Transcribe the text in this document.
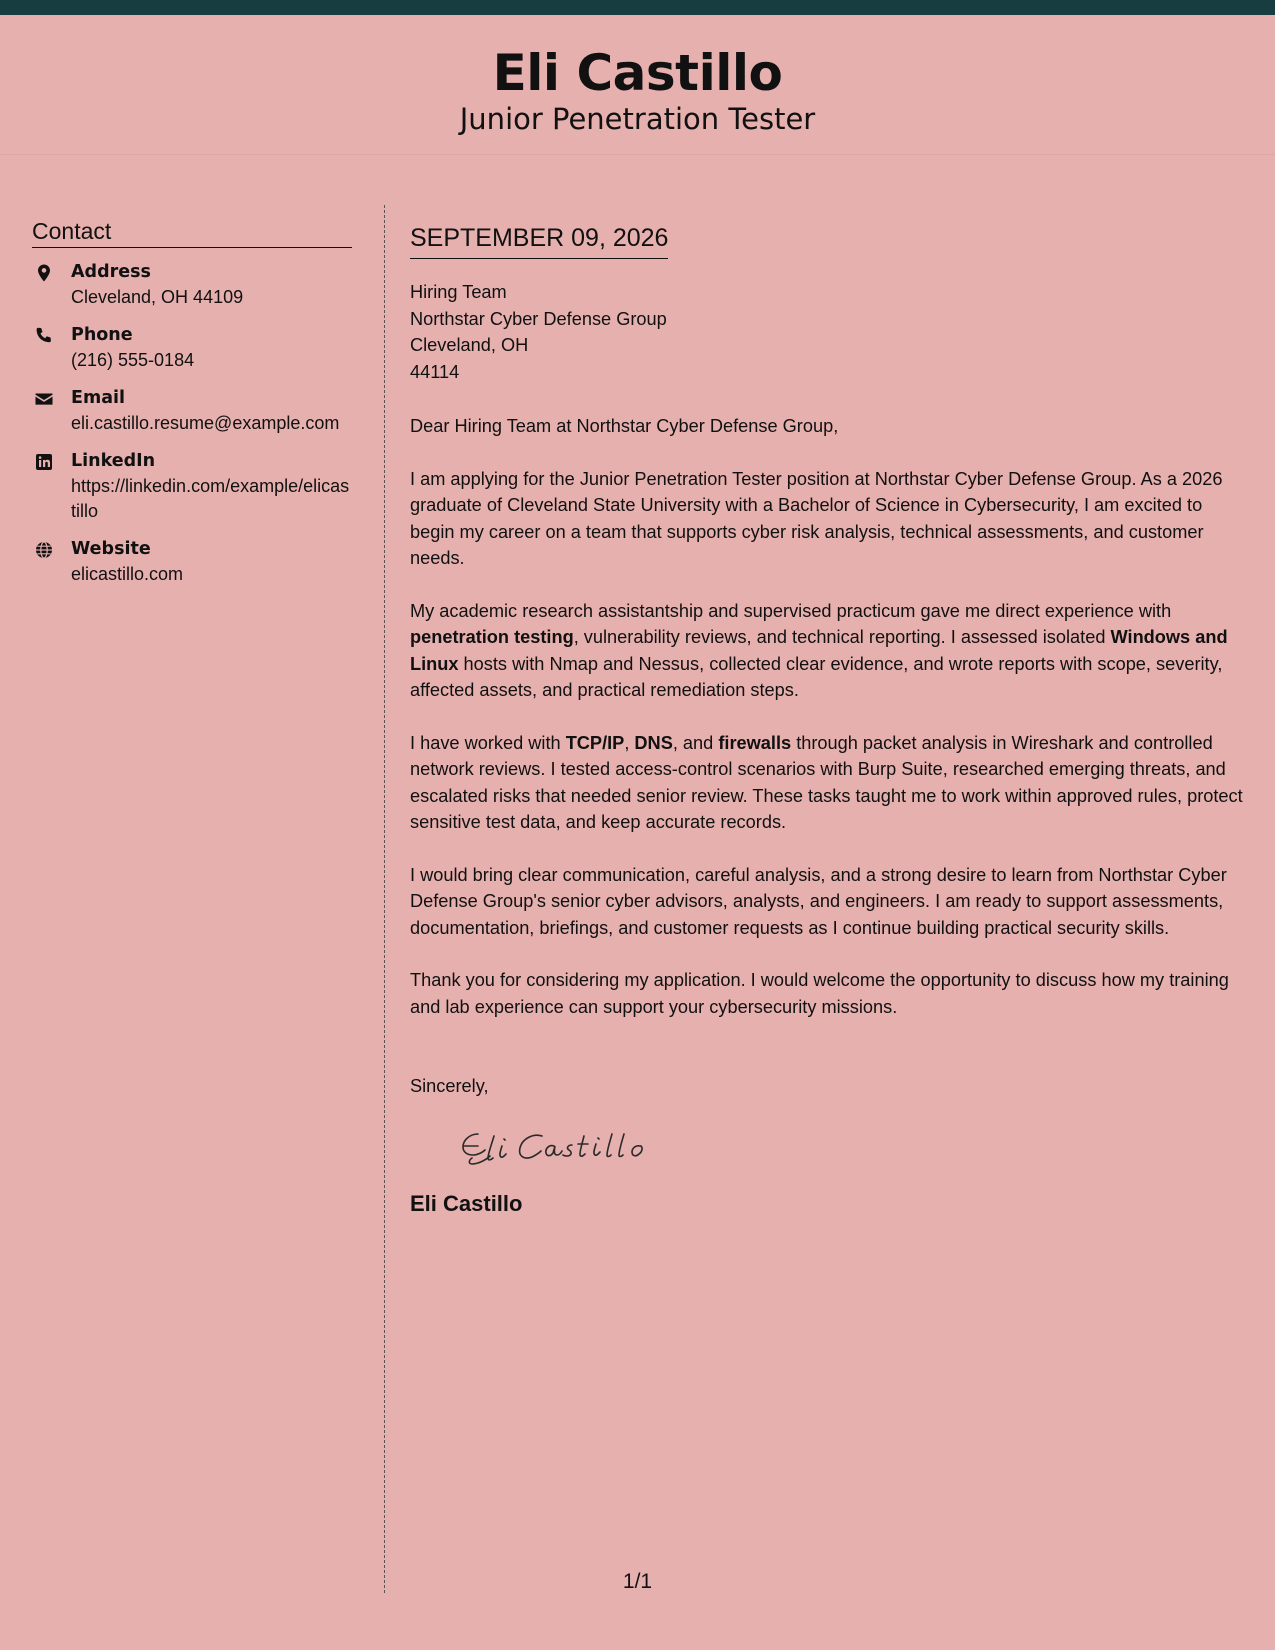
Eli Castillo
Junior Penetration Tester
Contact
Address
Cleveland, OH 44109
Phone
(216) 555-0184
Email
eli.castillo.resume@example.com
LinkedIn
https://linkedin.com/example/elicastillo
Website
elicastillo.com
SEPTEMBER 09, 2026
Hiring Team
Northstar Cyber Defense Group
Cleveland, OH
44114
Dear Hiring Team at Northstar Cyber Defense Group,

I am applying for the Junior Penetration Tester position at Northstar Cyber Defense Group. As a 2026 graduate of Cleveland State University with a Bachelor of Science in Cybersecurity, I am excited to begin my career on a team that supports cyber risk analysis, technical assessments, and customer needs.

My academic research assistantship and supervised practicum gave me direct experience with penetration testing, vulnerability reviews, and technical reporting. I assessed isolated Windows and Linux hosts with Nmap and Nessus, collected clear evidence, and wrote reports with scope, severity, affected assets, and practical remediation steps.

I have worked with TCP/IP, DNS, and firewalls through packet analysis in Wireshark and controlled network reviews. I tested access-control scenarios with Burp Suite, researched emerging threats, and escalated risks that needed senior review. These tasks taught me to work within approved rules, protect sensitive test data, and keep accurate records.

I would bring clear communication, careful analysis, and a strong desire to learn from Northstar Cyber Defense Group's senior cyber advisors, analysts, and engineers. I am ready to support assessments, documentation, briefings, and customer requests as I continue building practical security skills.

Thank you for considering my application. I would welcome the opportunity to discuss how my training and lab experience can support your cybersecurity missions.

Sincerely,
Eli Castillo
1/1
